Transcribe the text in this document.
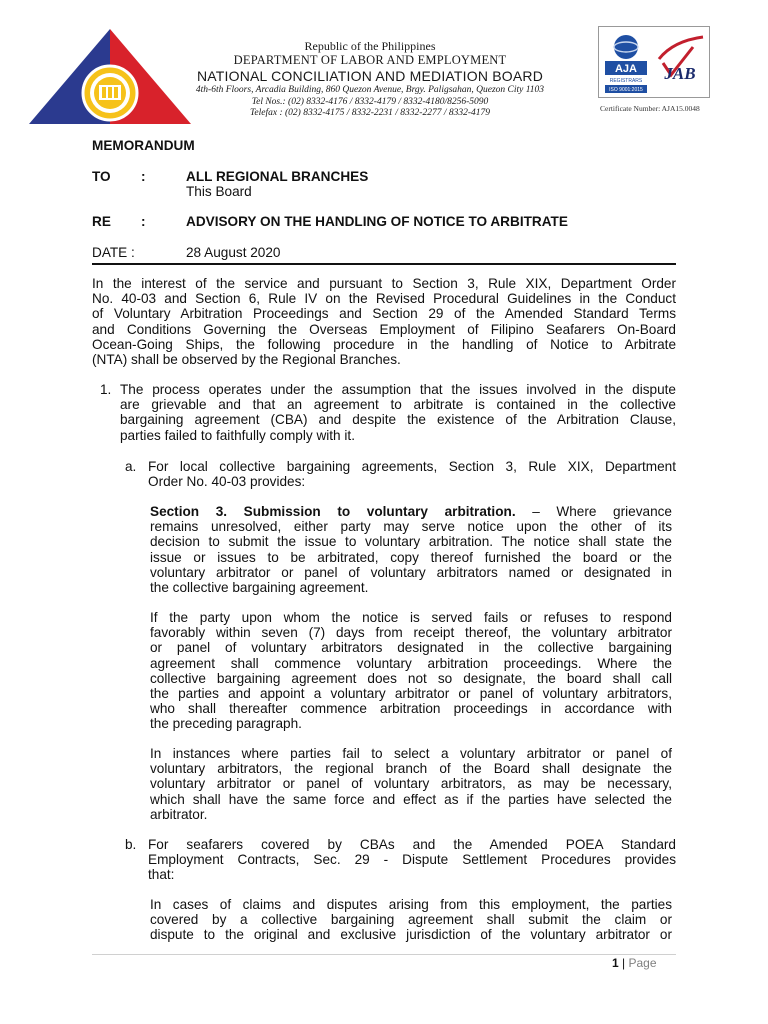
Republic of the Philippines
DEPARTMENT OF LABOR AND EMPLOYMENT
NATIONAL CONCILIATION AND MEDIATION BOARD
4th-6th Floors, Arcadia Building, 860 Quezon Avenue, Brgy. Paligsahan, Quezon City 1103
Tel Nos.: (02) 8332-4176 / 8332-4179 / 8332-4180/8256-5090
Telefax : (02) 8332-4175 / 8332-2231 / 8332-2277 / 8332-4179
AJA
REGISTRARS
ISO 9001:2015
JAB
Certificate Number: AJA15.0048
MEMORANDUM
TO :	ALL REGIONAL BRANCHES
This Board
RE :	ADVISORY ON THE HANDLING OF NOTICE TO ARBITRATE
DATE :	28 August 2020
In the interest of the service and pursuant to Section 3, Rule XIX, Department Order
No. 40-03 and Section 6, Rule IV on the Revised Procedural Guidelines in the Conduct
of Voluntary Arbitration Proceedings and Section 29 of the Amended Standard Terms
and Conditions Governing the Overseas Employment of Filipino Seafarers On-Board
Ocean-Going Ships, the following procedure in the handling of Notice to Arbitrate
(NTA) shall be observed by the Regional Branches.
1. The process operates under the assumption that the issues involved in the dispute
are grievable and that an agreement to arbitrate is contained in the collective
bargaining agreement (CBA) and despite the existence of the Arbitration Clause,
parties failed to faithfully comply with it.
a. For local collective bargaining agreements, Section 3, Rule XIX, Department
Order No. 40-03 provides:
Section 3. Submission to voluntary arbitration. – Where grievance
remains unresolved, either party may serve notice upon the other of its
decision to submit the issue to voluntary arbitration. The notice shall state the
issue or issues to be arbitrated, copy thereof furnished the board or the
voluntary arbitrator or panel of voluntary arbitrators named or designated in
the collective bargaining agreement.
If the party upon whom the notice is served fails or refuses to respond
favorably within seven (7) days from receipt thereof, the voluntary arbitrator
or panel of voluntary arbitrators designated in the collective bargaining
agreement shall commence voluntary arbitration proceedings. Where the
collective bargaining agreement does not so designate, the board shall call
the parties and appoint a voluntary arbitrator or panel of voluntary arbitrators,
who shall thereafter commence arbitration proceedings in accordance with
the preceding paragraph.
In instances where parties fail to select a voluntary arbitrator or panel of
voluntary arbitrators, the regional branch of the Board shall designate the
voluntary arbitrator or panel of voluntary arbitrators, as may be necessary,
which shall have the same force and effect as if the parties have selected the
arbitrator.
b. For seafarers covered by CBAs and the Amended POEA Standard
Employment Contracts, Sec. 29 - Dispute Settlement Procedures provides
that:
In cases of claims and disputes arising from this employment, the parties
covered by a collective bargaining agreement shall submit the claim or
dispute to the original and exclusive jurisdiction of the voluntary arbitrator or
1 | Page
